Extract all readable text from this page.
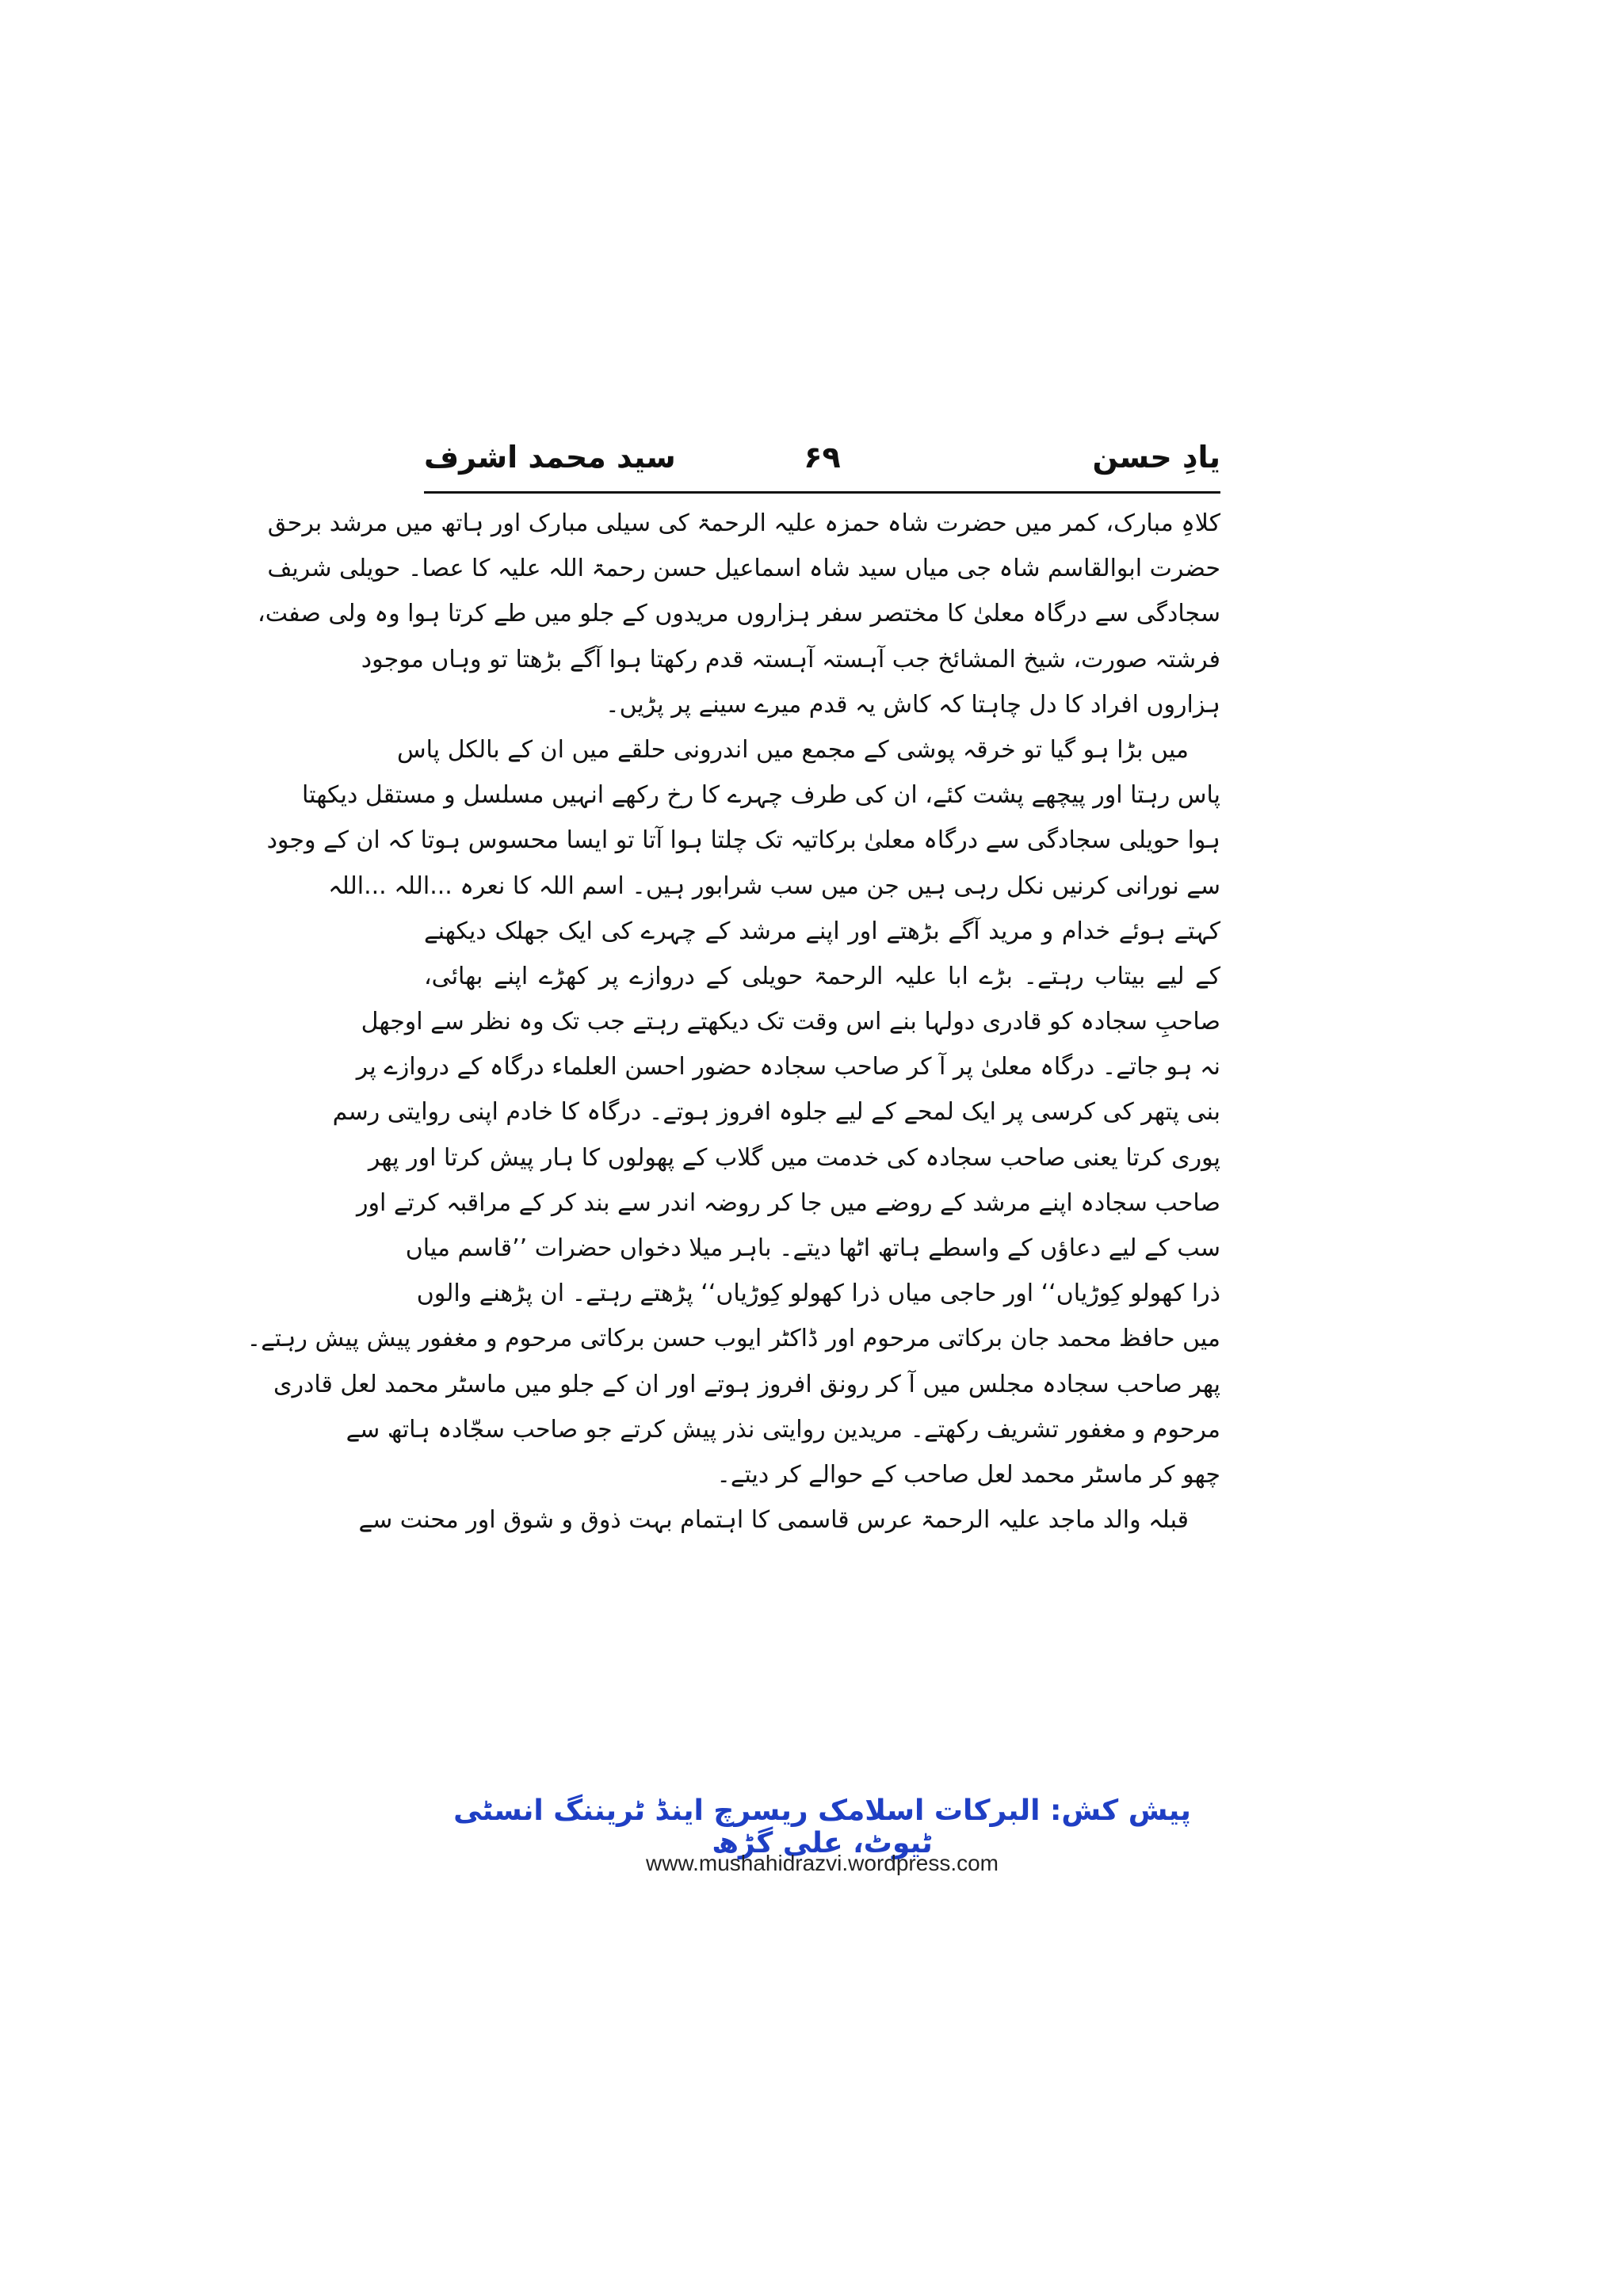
یادِ حسن
۶۹
سید محمد اشرف
کلاہِ مبارک، کمر میں حضرت شاہ حمزہ علیہ الرحمۃ کی سیلی مبارک اور ہاتھ میں مرشد برحق
حضرت ابوالقاسم شاہ جی میاں سید شاہ اسماعیل حسن رحمۃ اللہ علیہ کا عصا۔ حویلی شریف
سجادگی سے درگاہ معلیٰ کا مختصر سفر ہزاروں مریدوں کے جلو میں طے کرتا ہوا وہ ولی صفت،
فرشتہ صورت، شیخ المشائخ جب آہستہ آہستہ قدم رکھتا ہوا آگے بڑھتا تو وہاں موجود
ہزاروں افراد کا دل چاہتا کہ کاش یہ قدم میرے سینے پر پڑیں۔
میں بڑا ہو گیا تو خرقہ پوشی کے مجمع میں اندرونی حلقے میں ان کے بالکل پاس
پاس رہتا اور پیچھے پشت کئے، ان کی طرف چہرے کا رخ رکھے انہیں مسلسل و مستقل دیکھتا
ہوا حویلی سجادگی سے درگاہ معلیٰ برکاتیہ تک چلتا ہوا آتا تو ایسا محسوس ہوتا کہ ان کے وجود
سے نورانی کرنیں نکل رہی ہیں جن میں سب شرابور ہیں۔ اسم اللہ کا نعرہ ...اللہ ...اللہ
کہتے ہوئے خدام و مرید آگے بڑھتے اور اپنے مرشد کے چہرے کی ایک جھلک دیکھنے
کے لیے بیتاب رہتے۔ بڑے ابا علیہ الرحمۃ حویلی کے دروازے پر کھڑے اپنے بھائی،
صاحبِ سجادہ کو قادری دولہا بنے اس وقت تک دیکھتے رہتے جب تک وہ نظر سے اوجھل
نہ ہو جاتے۔ درگاہ معلیٰ پر آ کر صاحب سجادہ حضور احسن العلماء درگاہ کے دروازے پر
بنی پتھر کی کرسی پر ایک لمحے کے لیے جلوہ افروز ہوتے۔ درگاہ کا خادم اپنی روایتی رسم
پوری کرتا یعنی صاحب سجادہ کی خدمت میں گلاب کے پھولوں کا ہار پیش کرتا اور پھر
صاحب سجادہ اپنے مرشد کے روضے میں جا کر روضہ اندر سے بند کر کے مراقبہ کرتے اور
سب کے لیے دعاؤں کے واسطے ہاتھ اٹھا دیتے۔ باہر میلا دخواں حضرات ’’قاسم میاں
ذرا کھولو کِوڑیاں‘‘ اور حاجی میاں ذرا کھولو کِوڑیاں‘‘ پڑھتے رہتے۔ ان پڑھنے والوں
میں حافظ محمد جان برکاتی مرحوم اور ڈاکٹر ایوب حسن برکاتی مرحوم و مغفور پیش پیش رہتے۔
پھر صاحب سجادہ مجلس میں آ کر رونق افروز ہوتے اور ان کے جلو میں ماسٹر محمد لعل قادری
مرحوم و مغفور تشریف رکھتے۔ مریدین روایتی نذر پیش کرتے جو صاحب سجّادہ ہاتھ سے
چھو کر ماسٹر محمد لعل صاحب کے حوالے کر دیتے۔
قبلہ والد ماجد علیہ الرحمۃ عرس قاسمی کا اہتمام بہت ذوق و شوق اور محنت سے
پیش کش: البرکات اسلامک ریسرچ اینڈ ٹریننگ انسٹی ٹیوٹ، علی گڑھ
www.mushahidrazvi.wordpress.com
